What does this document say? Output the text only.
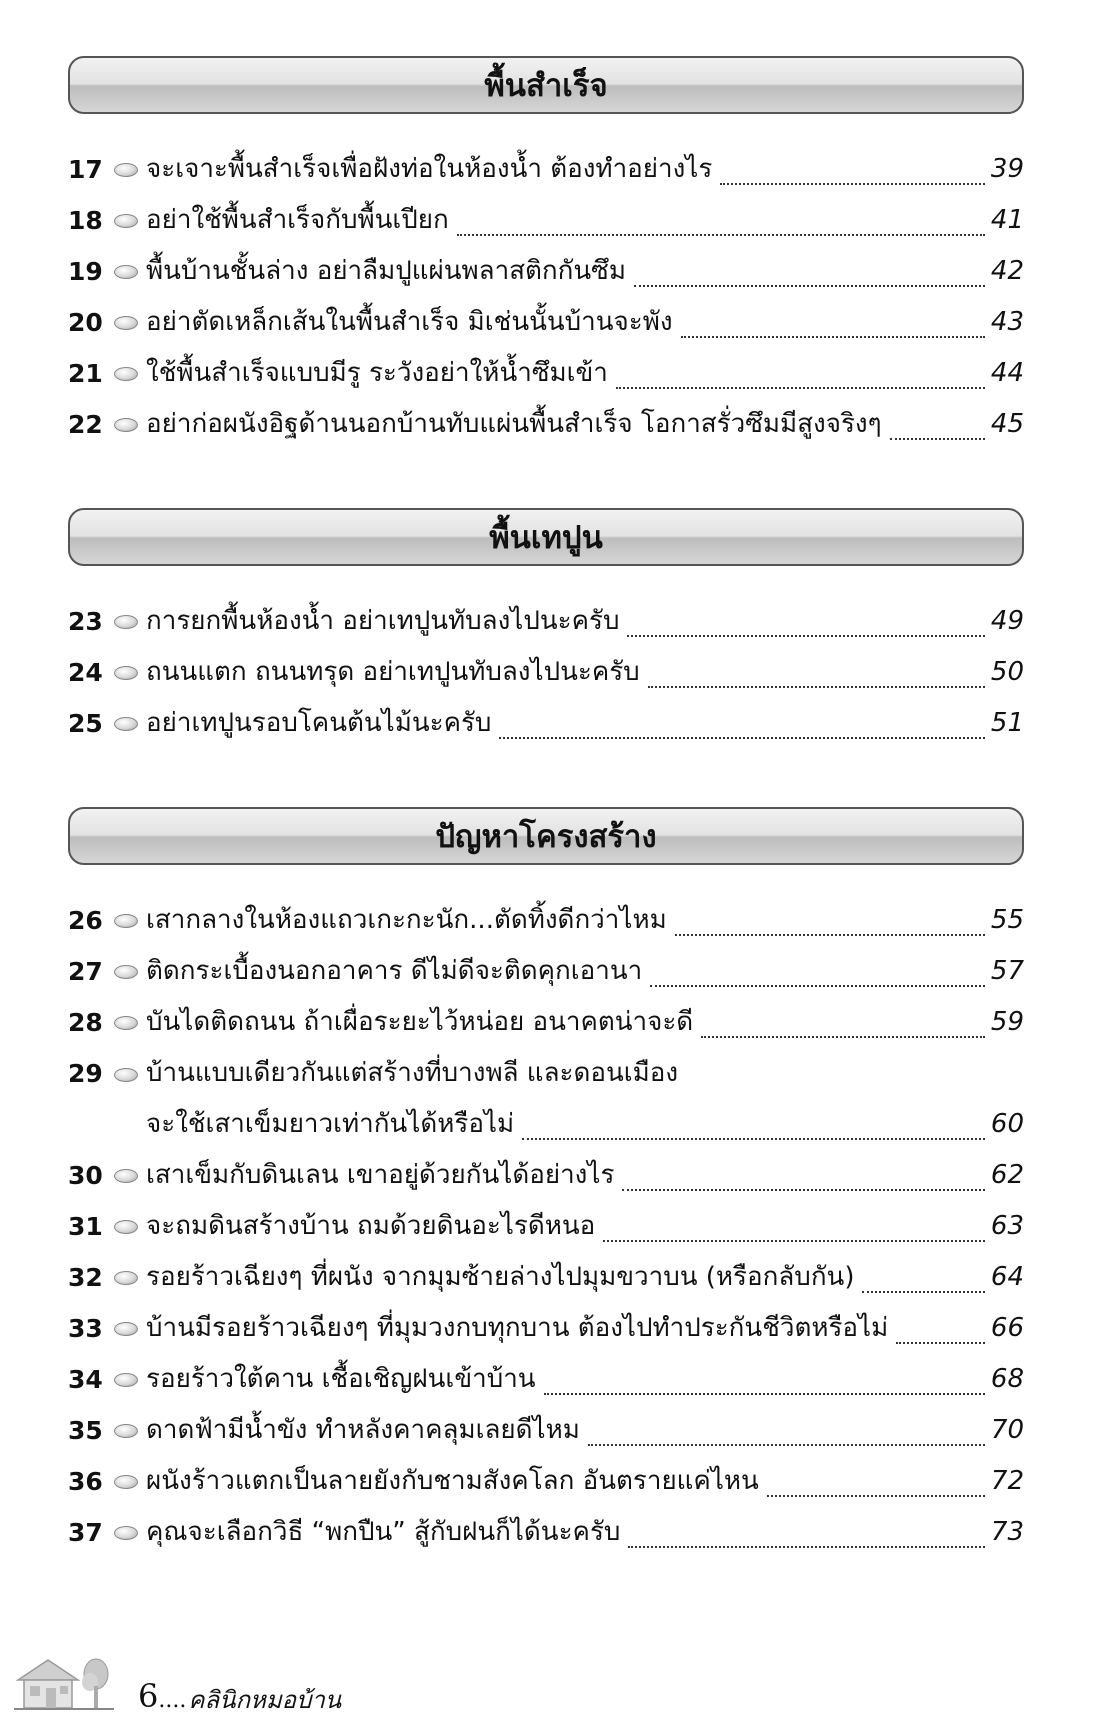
พื้นสำเร็จ
17 จะเจาะพื้นสำเร็จเพื่อฝังท่อในห้องน้ำ ต้องทำอย่างไร	39
18 อย่าใช้พื้นสำเร็จกับพื้นเปียก	41
19 พื้นบ้านชั้นล่าง อย่าลืมปูแผ่นพลาสติกกันซึม	42
20 อย่าตัดเหล็กเส้นในพื้นสำเร็จ มิเช่นนั้นบ้านจะพัง	43
21 ใช้พื้นสำเร็จแบบมีรู ระวังอย่าให้น้ำซึมเข้า	44
22 อย่าก่อผนังอิฐด้านนอกบ้านทับแผ่นพื้นสำเร็จ โอกาสรั่วซึมมีสูงจริงๆ	45
พื้นเทปูน
23 การยกพื้นห้องน้ำ อย่าเทปูนทับลงไปนะครับ	49
24 ถนนแตก ถนนทรุด อย่าเทปูนทับลงไปนะครับ	50
25 อย่าเทปูนรอบโคนต้นไม้นะครับ	51
ปัญหาโครงสร้าง
26 เสากลางในห้องแถวเกะกะนัก...ตัดทิ้งดีกว่าไหม	55
27 ติดกระเบื้องนอกอาคาร ดีไม่ดีจะติดคุกเอานา	57
28 บันไดติดถนน ถ้าเผื่อระยะไว้หน่อย อนาคตน่าจะดี	59
29 บ้านแบบเดียวกันแต่สร้างที่บางพลี และดอนเมือง
จะใช้เสาเข็มยาวเท่ากันได้หรือไม่	60
30 เสาเข็มกับดินเลน เขาอยู่ด้วยกันได้อย่างไร	62
31 จะถมดินสร้างบ้าน ถมด้วยดินอะไรดีหนอ	63
32 รอยร้าวเฉียงๆ ที่ผนัง จากมุมซ้ายล่างไปมุมขวาบน (หรือกลับกัน)	64
33 บ้านมีรอยร้าวเฉียงๆ ที่มุมวงกบทุกบาน ต้องไปทำประกันชีวิตหรือไม่	66
34 รอยร้าวใต้คาน เชื้อเชิญฝนเข้าบ้าน	68
35 ดาดฟ้ามีน้ำขัง ทำหลังคาคลุมเลยดีไหม	70
36 ผนังร้าวแตกเป็นลายยังกับชามสังคโลก อันตรายแค่ไหน	72
37 คุณจะเลือกวิธี “พกปืน” สู้กับฝนก็ได้นะครับ	73
6 .... คลินิกหมอบ้าน
